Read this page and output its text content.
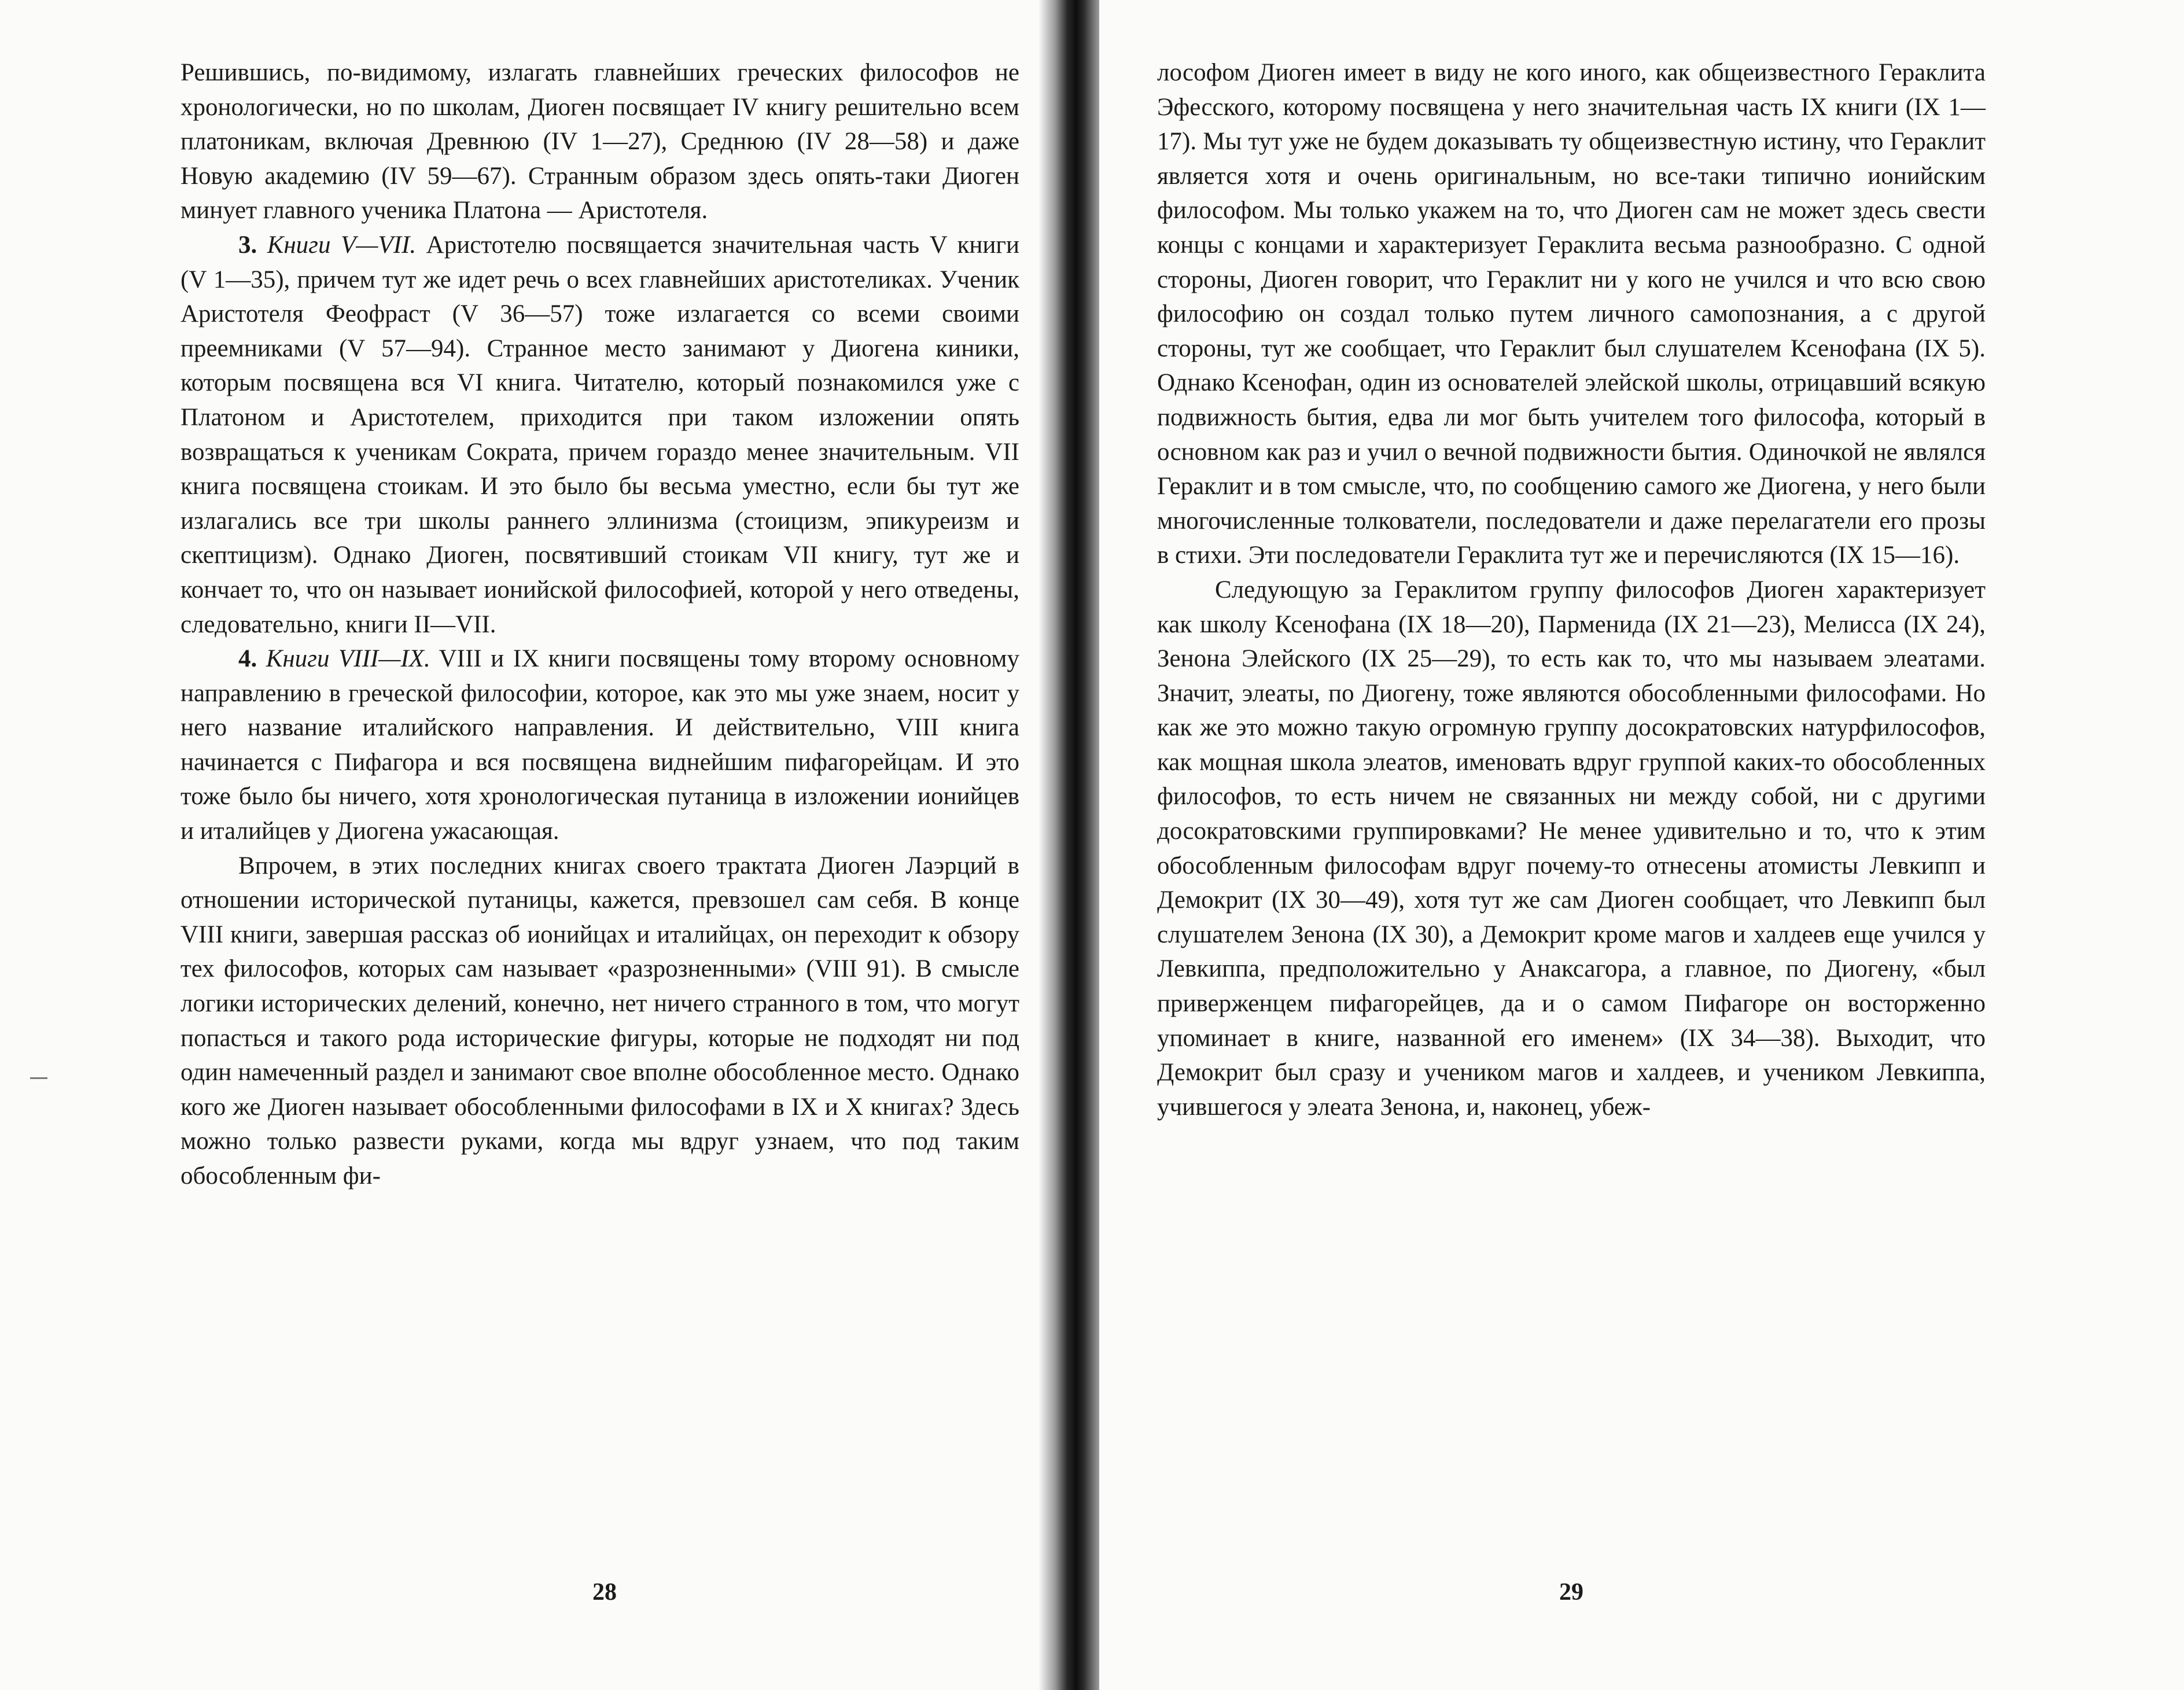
Решившись, по-видимому, излагать главнейших греческих философов не хронологически, но по школам, Диоген посвящает IV книгу решительно всем платоникам, включая Древнюю (IV 1—27), Среднюю (IV 28—58) и даже Новую академию (IV 59—67). Странным образом здесь опять-таки Диоген минует главного ученика Платона — Аристотеля.

3. Книги V—VII. Аристотелю посвящается значительная часть V книги (V 1—35), причем тут же идет речь о всех главнейших аристотеликах. Ученик Аристотеля Феофраст (V 36—57) тоже излагается со всеми своими преемниками (V 57—94). Странное место занимают у Диогена киники, которым посвящена вся VI книга. Читателю, который познакомился уже с Платоном и Аристотелем, приходится при таком изложении опять возвращаться к ученикам Сократа, причем гораздо менее значительным. VII книга посвящена стоикам. И это было бы весьма уместно, если бы тут же излагались все три школы раннего эллинизма (стоицизм, эпикуреизм и скептицизм). Однако Диоген, посвятивший стоикам VII книгу, тут же и кончает то, что он называет ионийской философией, которой у него отведены, следовательно, книги II—VII.

4. Книги VIII—IX. VIII и IX книги посвящены тому второму основному направлению в греческой философии, которое, как это мы уже знаем, носит у него название италийского направления. И действительно, VIII книга начинается с Пифагора и вся посвящена виднейшим пифагорейцам. И это тоже было бы ничего, хотя хронологическая путаница в изложении ионийцев и италийцев у Диогена ужасающая.

Впрочем, в этих последних книгах своего трактата Диоген Лаэрций в отношении исторической путаницы, кажется, превзошел сам себя. В конце VIII книги, завершая рассказ об ионийцах и италийцах, он переходит к обзору тех философов, которых сам называет «разрозненными» (VIII 91). В смысле логики исторических делений, конечно, нет ничего странного в том, что могут попасться и такого рода исторические фигуры, которые не подходят ни под один намеченный раздел и занимают свое вполне обособленное место. Однако кого же Диоген называет обособленными философами в IX и X книгах? Здесь можно только развести руками, когда мы вдруг узнаем, что под таким обособленным фи-

28

лософом Диоген имеет в виду не кого иного, как общеизвестного Гераклита Эфесского, которому посвящена у него значительная часть IX книги (IX 1—17). Мы тут уже не будем доказывать ту общеизвестную истину, что Гераклит является хотя и очень оригинальным, но все-таки типично ионийским философом. Мы только укажем на то, что Диоген сам не может здесь свести концы с концами и характеризует Гераклита весьма разнообразно. С одной стороны, Диоген говорит, что Гераклит ни у кого не учился и что всю свою философию он создал только путем личного самопознания, а с другой стороны, тут же сообщает, что Гераклит был слушателем Ксенофана (IX 5). Однако Ксенофан, один из основателей элейской школы, отрицавший всякую подвижность бытия, едва ли мог быть учителем того философа, который в основном как раз и учил о вечной подвижности бытия. Одиночкой не являлся Гераклит и в том смысле, что, по сообщению самого же Диогена, у него были многочисленные толкователи, последователи и даже перелагатели его прозы в стихи. Эти последователи Гераклита тут же и перечисляются (IX 15—16).

Следующую за Гераклитом группу философов Диоген характеризует как школу Ксенофана (IX 18—20), Парменида (IX 21—23), Мелисса (IX 24), Зенона Элейского (IX 25—29), то есть как то, что мы называем элеатами. Значит, элеаты, по Диогену, тоже являются обособленными философами. Но как же это можно такую огромную группу досократовских натурфилософов, как мощная школа элеатов, именовать вдруг группой каких-то обособленных философов, то есть ничем не связанных ни между собой, ни с другими досократовскими группировками? Не менее удивительно и то, что к этим обособленным философам вдруг почему-то отнесены атомисты Левкипп и Демокрит (IX 30—49), хотя тут же сам Диоген сообщает, что Левкипп был слушателем Зенона (IX 30), а Демокрит кроме магов и халдеев еще учился у Левкиппа, предположительно у Анаксагора, а главное, по Диогену, «был приверженцем пифагорейцев, да и о самом Пифагоре он восторженно упоминает в книге, названной его именем» (IX 34—38). Выходит, что Демокрит был сразу и учеником магов и халдеев, и учеником Левкиппа, учившегося у элеата Зенона, и, наконец, убеж-

29
